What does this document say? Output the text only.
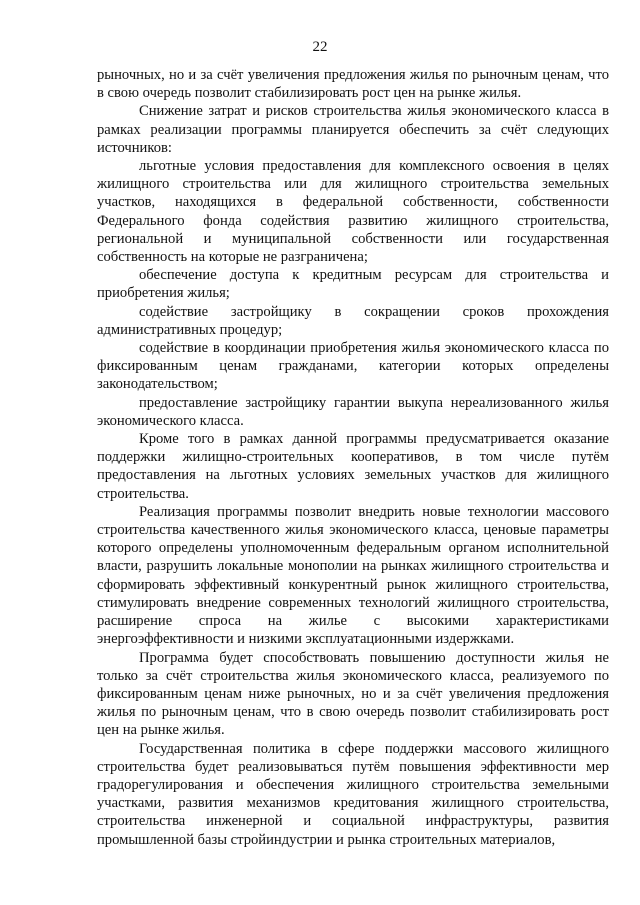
22

рыночных, но и за счёт увеличения предложения жилья по рыночным ценам, что в свою очередь позволит стабилизировать рост цен на рынке жилья.

Снижение затрат и рисков строительства жилья экономического класса в рамках реализации программы планируется обеспечить за счёт следующих источников:

льготные условия предоставления для комплексного освоения в целях жилищного строительства или для жилищного строительства земельных участков, находящихся в федеральной собственности, собственности Федерального фонда содействия развитию жилищного строительства, региональной и муниципальной собственности или государственная собственность на которые не разграничена;

обеспечение доступа к кредитным ресурсам для строительства и приобретения жилья;

содействие застройщику в сокращении сроков прохождения административных процедур;

содействие в координации приобретения жилья экономического класса по фиксированным ценам гражданами, категории которых определены законодательством;

предоставление застройщику гарантии выкупа нереализованного жилья экономического класса.

Кроме того в рамках данной программы предусматривается оказание поддержки жилищно-строительных кооперативов, в том числе путём предоставления на льготных условиях земельных участков для жилищного строительства.

Реализация программы позволит внедрить новые технологии массового строительства качественного жилья экономического класса, ценовые параметры которого определены уполномоченным федеральным органом исполнительной власти, разрушить локальные монополии на рынках жилищного строительства и сформировать эффективный конкурентный рынок жилищного строительства, стимулировать внедрение современных технологий жилищного строительства, расширение спроса на жилье с высокими характеристиками энергоэффективности и низкими эксплуатационными издержками.

Программа будет способствовать повышению доступности жилья не только за счёт строительства жилья экономического класса, реализуемого по фиксированным ценам ниже рыночных, но и за счёт увеличения предложения жилья по рыночным ценам, что в свою очередь позволит стабилизировать рост цен на рынке жилья.

Государственная политика в сфере поддержки массового жилищного строительства будет реализовываться путём повышения эффективности мер градорегулирования и обеспечения жилищного строительства земельными участками, развития механизмов кредитования жилищного строительства, строительства инженерной и социальной инфраструктуры, развития промышленной базы стройиндустрии и рынка строительных материалов,
